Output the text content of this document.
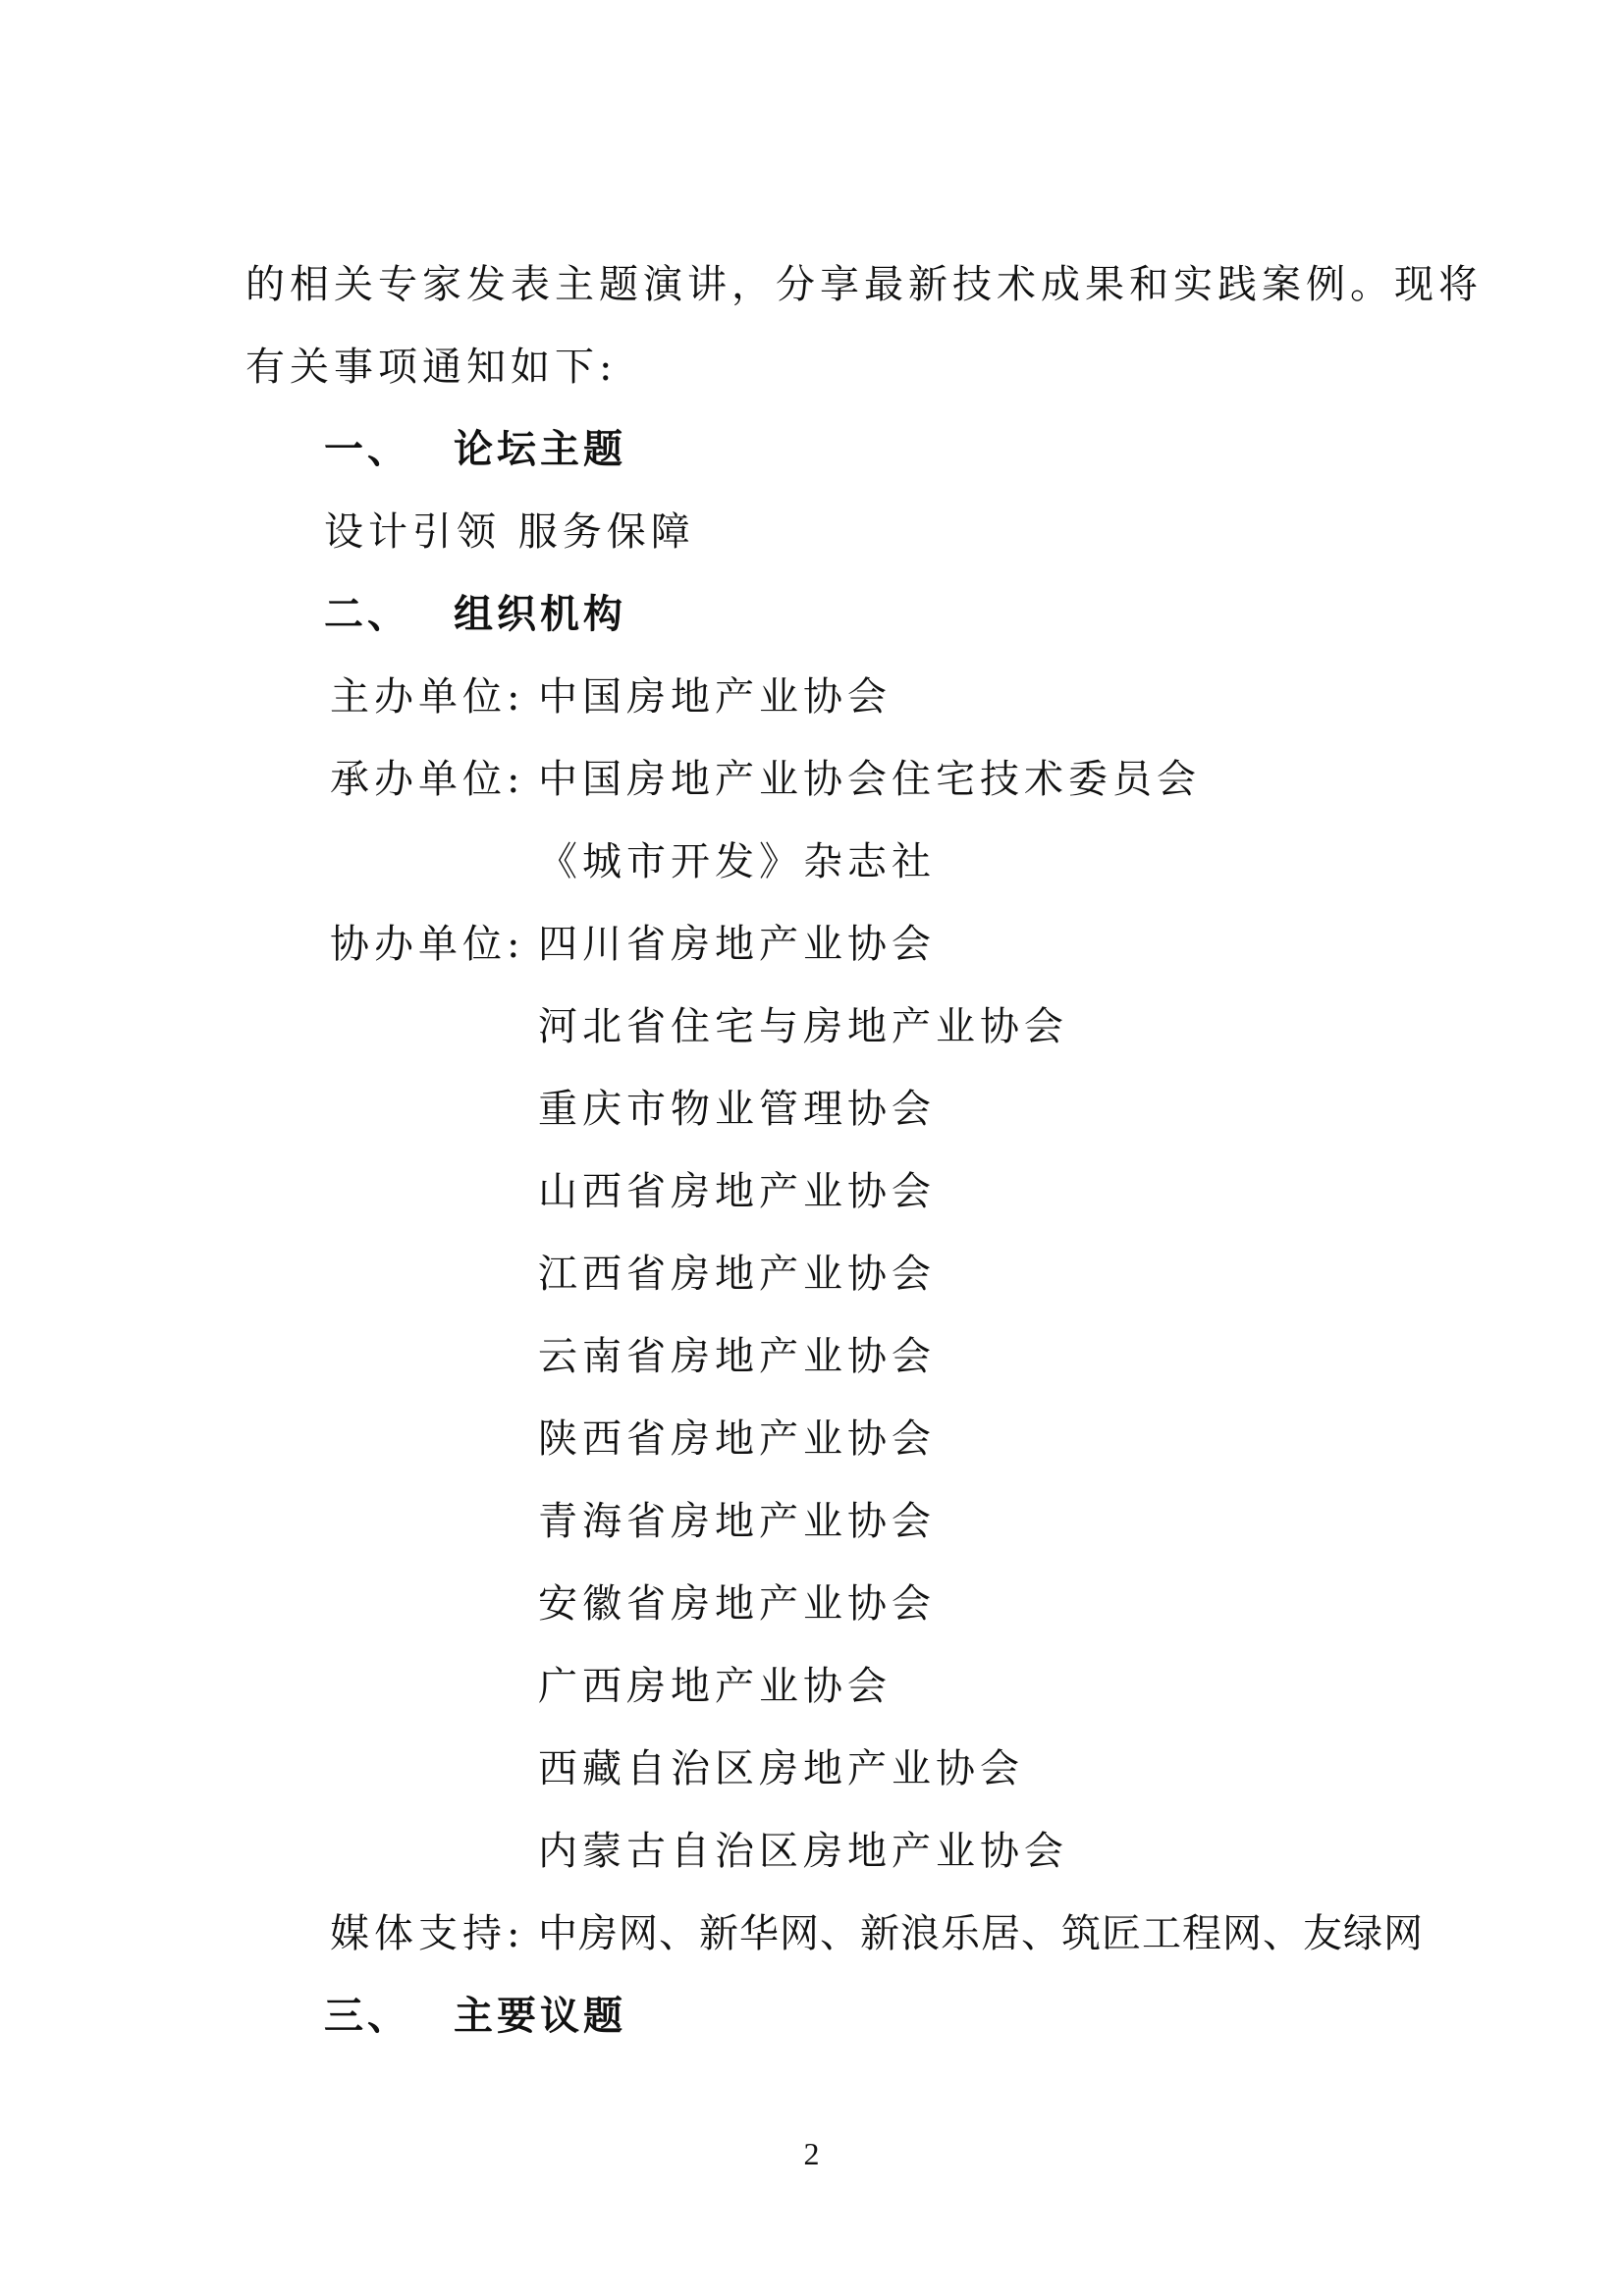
的相关专家发表主题演讲，分享最新技术成果和实践案例。现将
有关事项通知如下:
一、 论坛主题
设计引领 服务保障
二、 组织机构
主办单位: 中国房地产业协会
承办单位: 中国房地产业协会住宅技术委员会
《城市开发》杂志社
协办单位: 四川省房地产业协会
河北省住宅与房地产业协会
重庆市物业管理协会
山西省房地产业协会
江西省房地产业协会
云南省房地产业协会
陕西省房地产业协会
青海省房地产业协会
安徽省房地产业协会
广西房地产业协会
西藏自治区房地产业协会
内蒙古自治区房地产业协会
媒体支持: 中房网、新华网、新浪乐居、筑匠工程网、友绿网
三、 主要议题
2
